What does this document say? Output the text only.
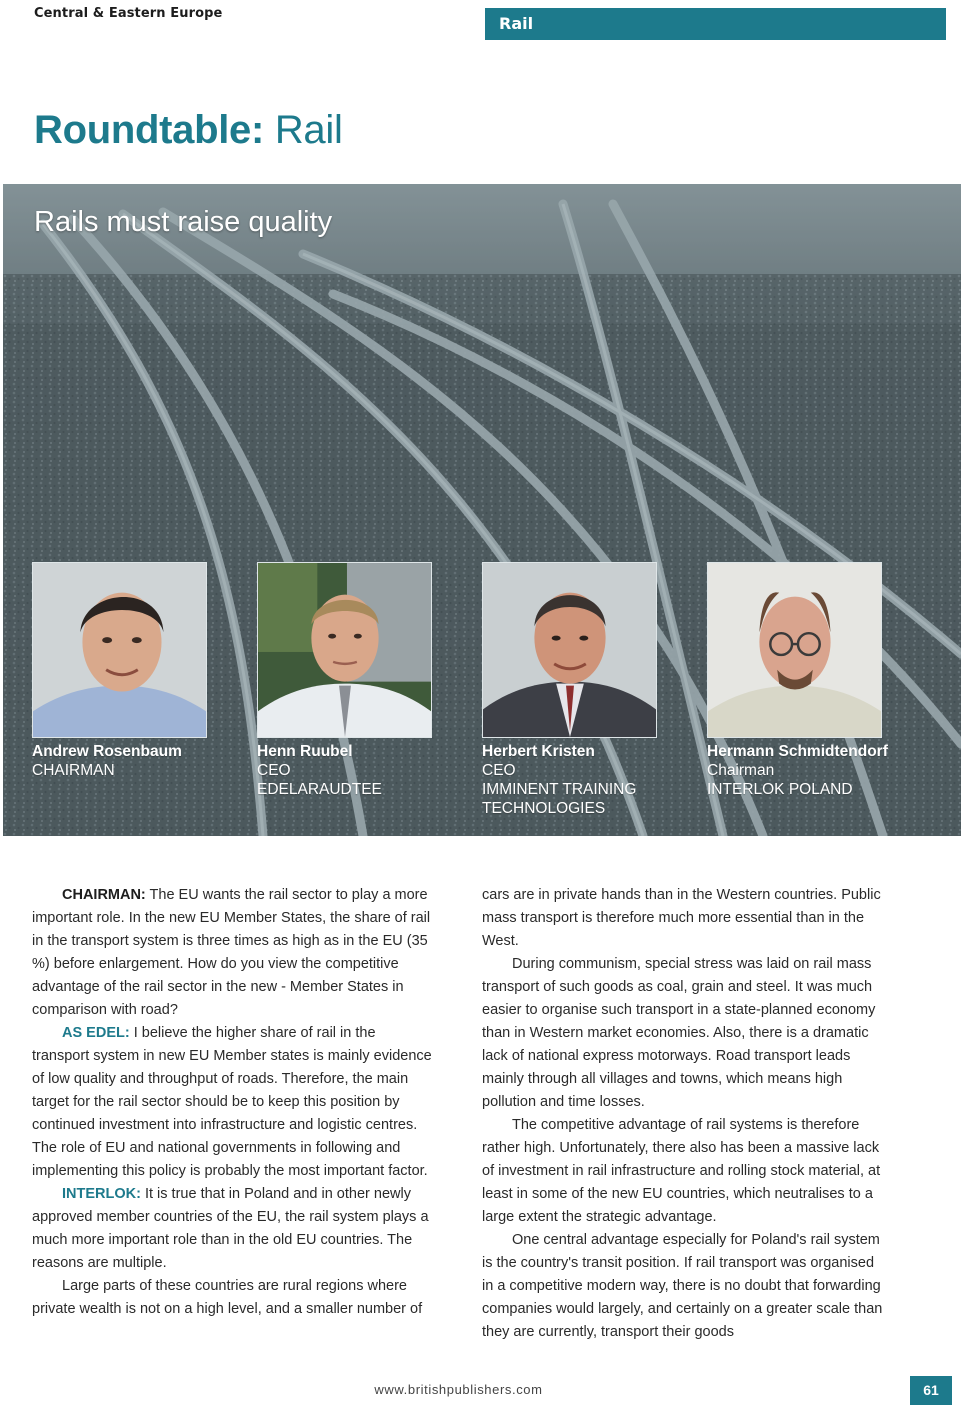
Central & Eastern Europe
Rail
Roundtable: Rail
Rails must raise quality
Andrew Rosenbaum
CHAIRMAN
Henn Ruubel
CEO
EDELARAUDTEE
Herbert Kristen
CEO
IMMINENT TRAINING TECHNOLOGIES
Hermann Schmidtendorf
Chairman
INTERLOK POLAND

CHAIRMAN: The EU wants the rail sector to play a more important role. In the new EU Member States, the share of rail in the transport system is three times as high as in the EU (35 %) before enlargement. How do you view the competitive advantage of the rail sector in the new - Member States in comparison with road?

AS EDEL: I believe the higher share of rail in the transport system in new EU Member states is mainly evidence of low quality and throughput of roads. Therefore, the main target for the rail sector should be to keep this position by continued investment into infrastructure and logistic centres. The role of EU and national governments in following and implementing this policy is probably the most important factor.

INTERLOK: It is true that in Poland and in other newly approved member countries of the EU, the rail system plays a much more important role than in the old EU countries. The reasons are multiple.

Large parts of these countries are rural regions where private wealth is not on a high level, and a smaller number of

cars are in private hands than in the Western countries. Public mass transport is therefore much more essential than in the West.

During communism, special stress was laid on rail mass transport of such goods as coal, grain and steel. It was much easier to organise such transport in a state-planned economy than in Western market economies. Also, there is a dramatic lack of national express motorways. Road transport leads mainly through all villages and towns, which means high pollution and time losses.

The competitive advantage of rail systems is therefore rather high. Unfortunately, there also has been a massive lack of investment in rail infrastructure and rolling stock material, at least in some of the new EU countries, which neutralises to a large extent the strategic advantage.

One central advantage especially for Poland's rail system is the country's transit position. If rail transport was organised in a competitive modern way, there is no doubt that forwarding companies would largely, and certainly on a greater scale than they are currently, transport their goods

www.britishpublishers.com	61
